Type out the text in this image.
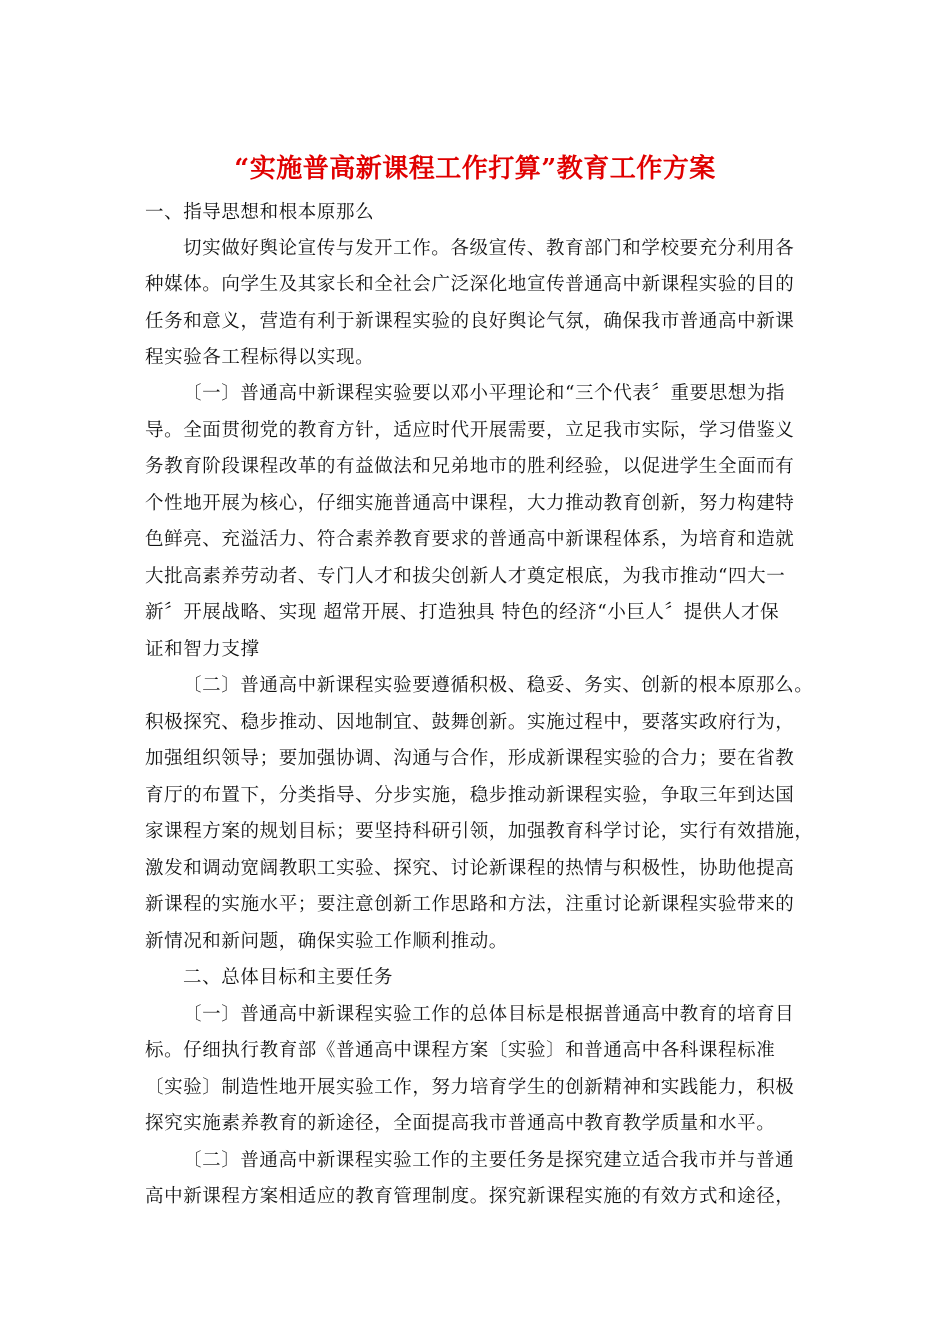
“实施普高新课程工作打算”教育工作方案
一、指导思想和根本原那么
切实做好舆论宣传与发开工作。各级宣传、教育部门和学校要充分利用各
种媒体。向学生及其家长和全社会广泛深化地宣传普通高中新课程实验的目的
任务和意义，营造有利于新课程实验的良好舆论气氛，确保我市普通高中新课
程实验各工程标得以实现。
〔一〕普通高中新课程实验要以邓小平理论和“三个代表〞重要思想为指
导。全面贯彻党的教育方针，适应时代开展需要，立足我市实际，学习借鉴义
务教育阶段课程改革的有益做法和兄弟地市的胜利经验，以促进学生全面而有
个性地开展为核心，仔细实施普通高中课程，大力推动教育创新，努力构建特
色鲜亮、充溢活力、符合素养教育要求的普通高中新课程体系，为培育和造就
大批高素养劳动者、专门人才和拔尖创新人才奠定根底，为我市推动“四大一
新〞开展战略、实现 超常开展、打造独具 特色的经济“小巨人〞提供人才保
证和智力支撑
〔二〕普通高中新课程实验要遵循积极、稳妥、务实、创新的根本原那么。
积极探究、稳步推动、因地制宜、鼓舞创新。实施过程中，要落实政府行为，
加强组织领导；要加强协调、沟通与合作，形成新课程实验的合力；要在省教
育厅的布置下，分类指导、分步实施，稳步推动新课程实验，争取三年到达国
家课程方案的规划目标；要坚持科研引领，加强教育科学讨论，实行有效措施，
激发和调动宽阔教职工实验、探究、讨论新课程的热情与积极性，协助他提高
新课程的实施水平；要注意创新工作思路和方法，注重讨论新课程实验带来的
新情况和新问题，确保实验工作顺利推动。
二、总体目标和主要任务
〔一〕普通高中新课程实验工作的总体目标是根据普通高中教育的培育目
标。仔细执行教育部《普通高中课程方案〔实验〕和普通高中各科课程标准
〔实验〕制造性地开展实验工作，努力培育学生的创新精神和实践能力，积极
探究实施素养教育的新途径，全面提高我市普通高中教育教学质量和水平。
〔二〕普通高中新课程实验工作的主要任务是探究建立适合我市并与普通
高中新课程方案相适应的教育管理制度。探究新课程实施的有效方式和途径，
